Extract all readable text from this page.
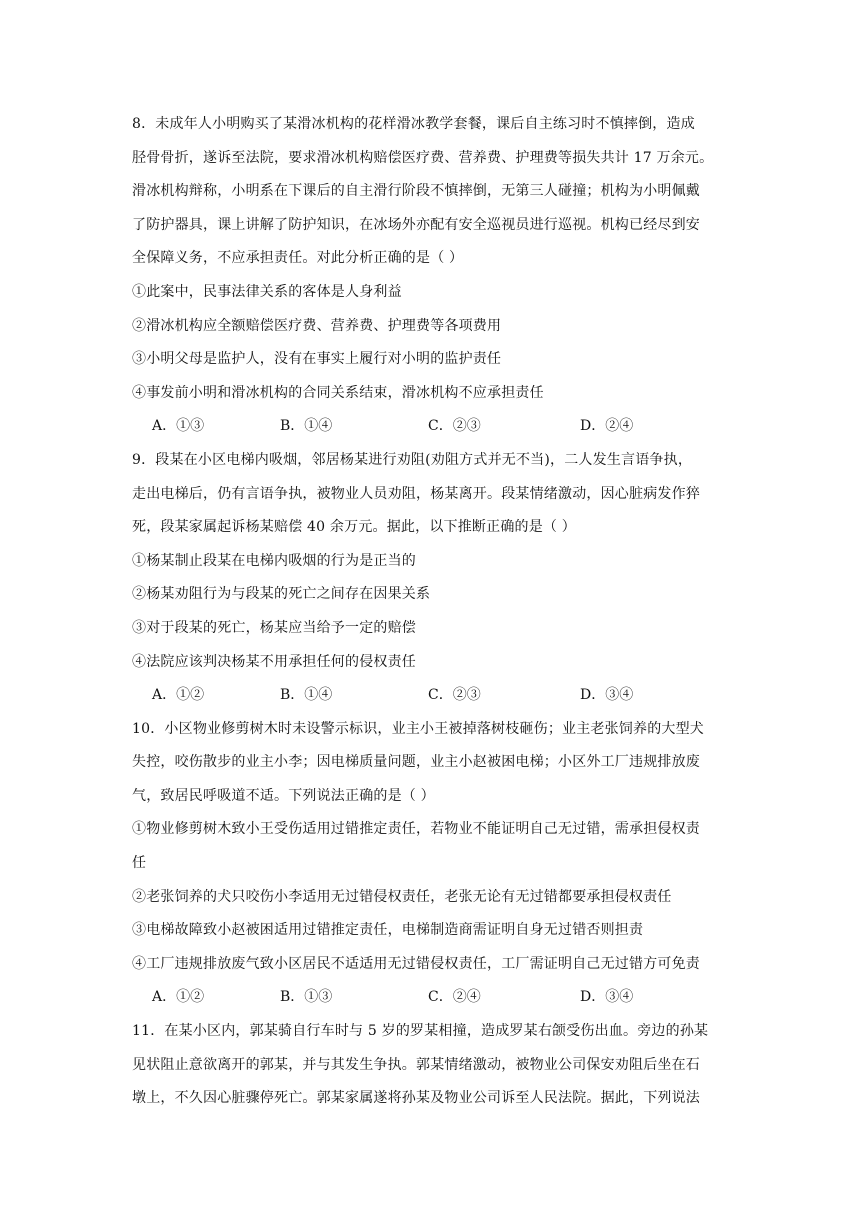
8．未成年人小明购买了某滑冰机构的花样滑冰教学套餐，课后自主练习时不慎摔倒，造成
胫骨骨折，遂诉至法院，要求滑冰机构赔偿医疗费、营养费、护理费等损失共计 17 万余元。
滑冰机构辩称，小明系在下课后的自主滑行阶段不慎摔倒，无第三人碰撞；机构为小明佩戴
了防护器具，课上讲解了防护知识，在冰场外亦配有安全巡视员进行巡视。机构已经尽到安
全保障义务，不应承担责任。对此分析正确的是（ ）
①此案中，民事法律关系的客体是人身利益
②滑冰机构应全额赔偿医疗费、营养费、护理费等各项费用
③小明父母是监护人，没有在事实上履行对小明的监护责任
④事发前小明和滑冰机构的合同关系结束，滑冰机构不应承担责任
A．①③	B．①④	C．②③	D．②④
9．段某在小区电梯内吸烟，邻居杨某进行劝阻(劝阻方式并无不当)，二人发生言语争执，
走出电梯后，仍有言语争执，被物业人员劝阻，杨某离开。段某情绪激动，因心脏病发作猝
死，段某家属起诉杨某赔偿 40 余万元。据此，以下推断正确的是（ ）
①杨某制止段某在电梯内吸烟的行为是正当的
②杨某劝阻行为与段某的死亡之间存在因果关系
③对于段某的死亡，杨某应当给予一定的赔偿
④法院应该判决杨某不用承担任何的侵权责任
A．①②	B．①④	C．②③	D．③④
10．小区物业修剪树木时未设警示标识，业主小王被掉落树枝砸伤；业主老张饲养的大型犬
失控，咬伤散步的业主小李；因电梯质量问题，业主小赵被困电梯；小区外工厂违规排放废
气，致居民呼吸道不适。下列说法正确的是（ ）
①物业修剪树木致小王受伤适用过错推定责任，若物业不能证明自己无过错，需承担侵权责
任
②老张饲养的犬只咬伤小李适用无过错侵权责任，老张无论有无过错都要承担侵权责任
③电梯故障致小赵被困适用过错推定责任，电梯制造商需证明自身无过错否则担责
④工厂违规排放废气致小区居民不适适用无过错侵权责任，工厂需证明自己无过错方可免责
A．①②	B．①③	C．②④	D．③④
11．在某小区内，郭某骑自行车时与 5 岁的罗某相撞，造成罗某右颌受伤出血。旁边的孙某
见状阻止意欲离开的郭某，并与其发生争执。郭某情绪激动，被物业公司保安劝阻后坐在石
墩上，不久因心脏骤停死亡。郭某家属遂将孙某及物业公司诉至人民法院。据此，下列说法
